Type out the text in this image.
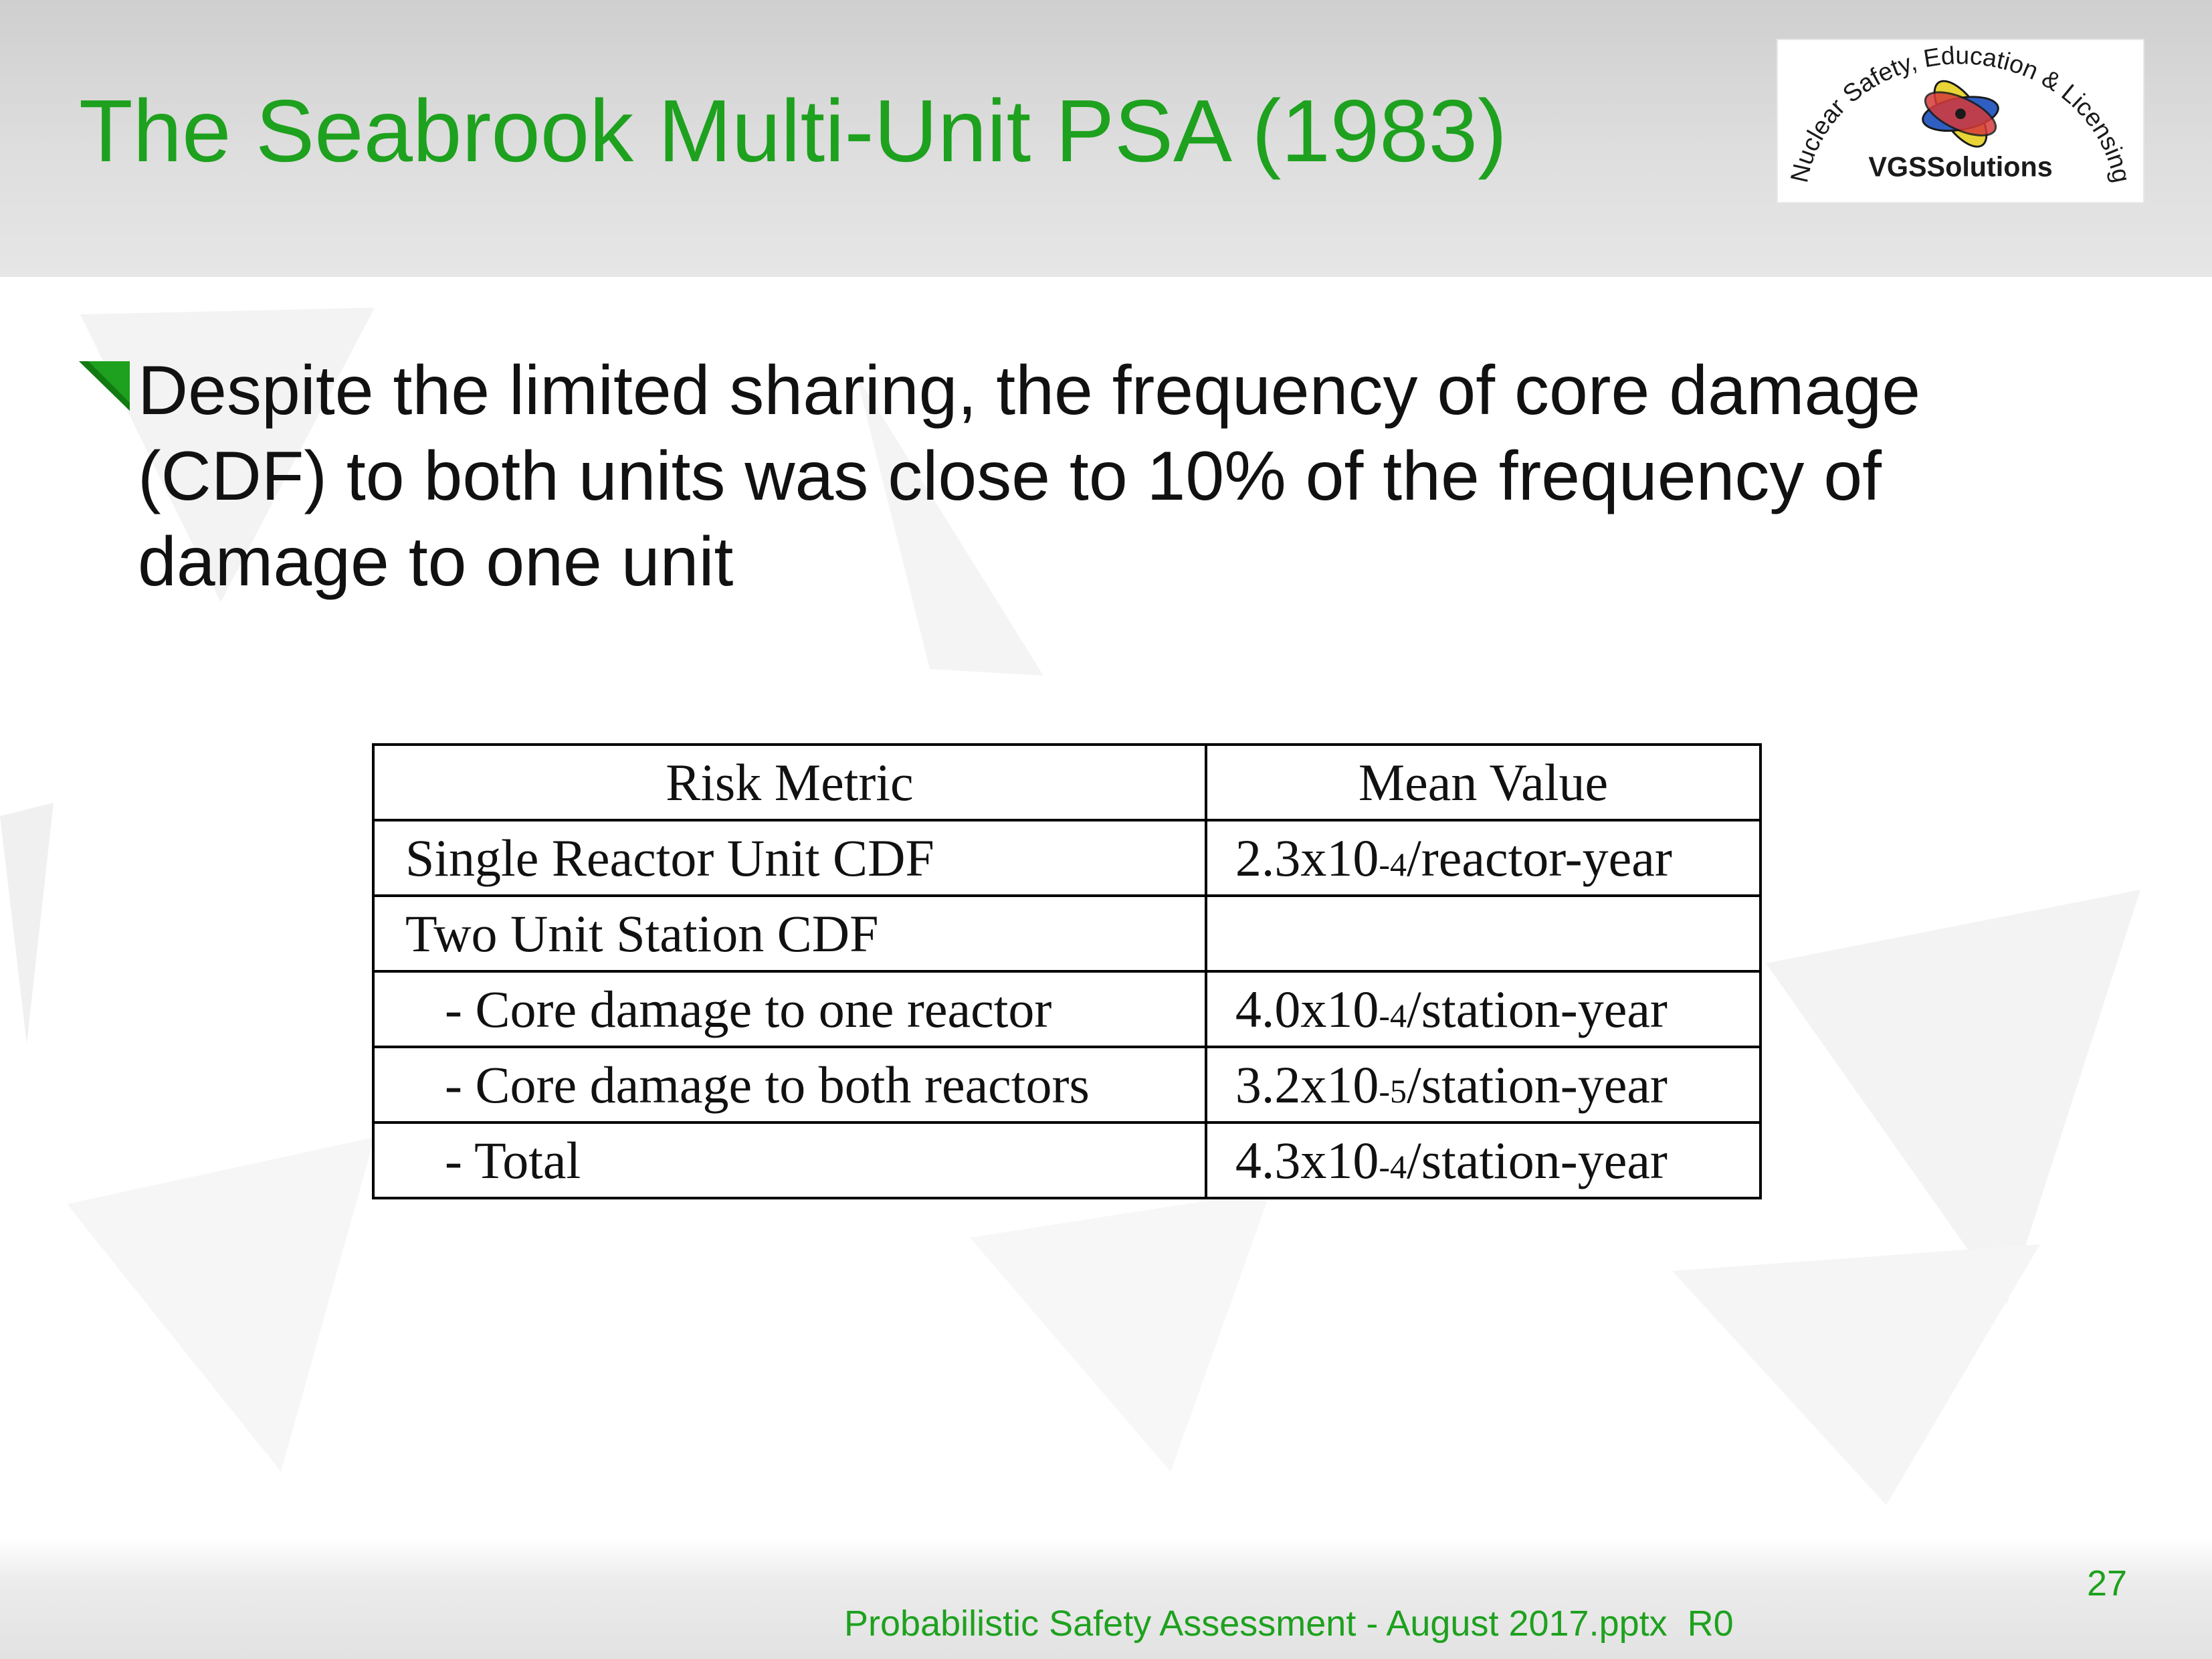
The Seabrook Multi-Unit PSA (1983)	Nuclear Safety, Education & Licensing
VGSSolutions

Despite the limited sharing, the frequency of core damage (CDF) to both units was close to 10% of the frequency of damage to one unit

Risk Metric	Mean Value
Single Reactor Unit CDF	$2.3x10^{-4}/reactor$-year
Two Unit Station CDF	
- Core damage to one reactor	$4.0x10^{-4}/station$-year
- Core damage to both reactors	$3.2x10^{-5}/station$-year
- Total	$4.3x10^{-4}/station$-year
27
Probabilistic Safety Assessment - August 2017.pptx  R0
